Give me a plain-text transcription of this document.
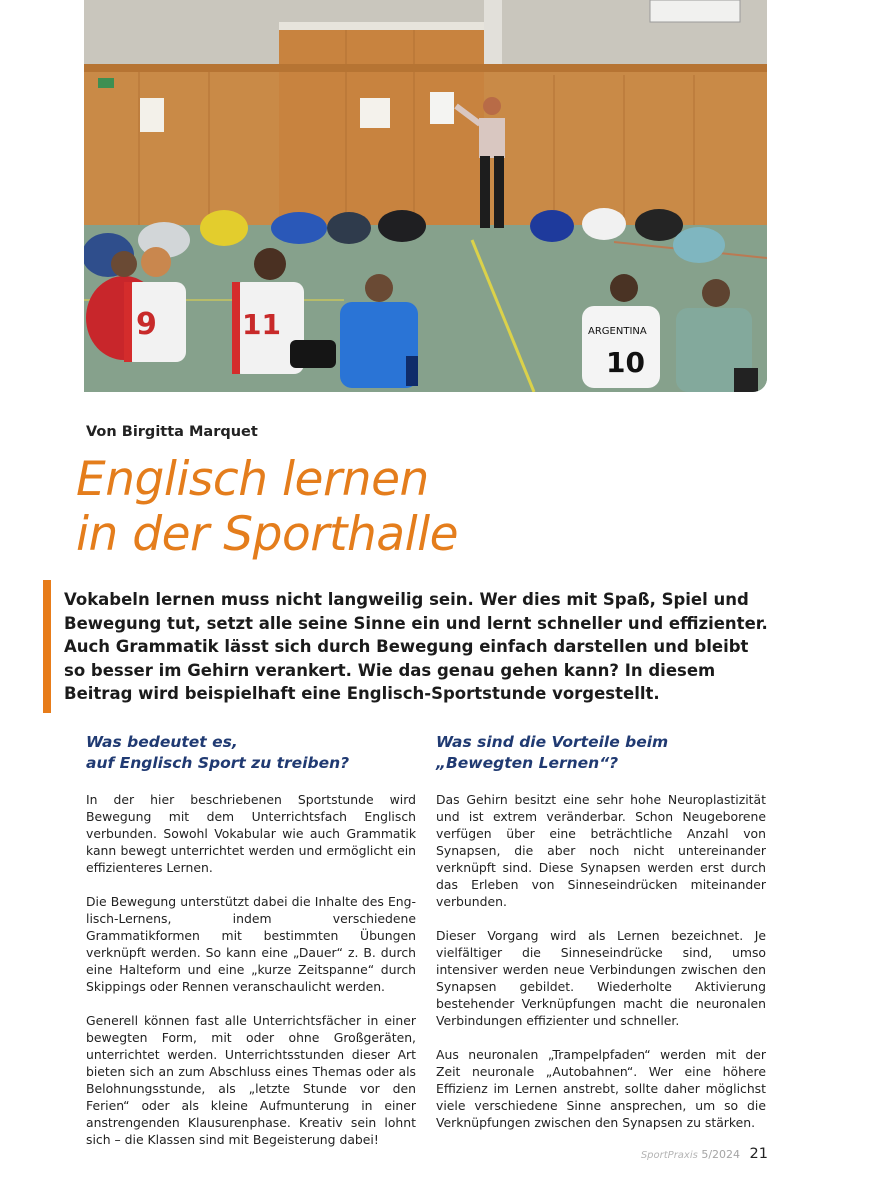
9	11	ARGENTINA
10
Von Birgitta Marquet
Englisch lernen
in der Sporthalle

Vokabeln lernen muss nicht langweilig sein. Wer dies mit Spaß, Spiel und Bewegung tut, setzt alle seine Sinne ein und lernt schneller und effizienter. Auch Grammatik lässt sich durch Bewegung einfach darstellen und bleibt so besser im Gehirn verankert. Wie das genau gehen kann? In diesem Beitrag wird beispielhaft eine Englisch-Sportstunde vorgestellt.

Was bedeutet es,
auf Englisch Sport zu treiben?

In der hier beschriebenen Sportstunde wird Bewegung mit dem Unterrichtsfach Englisch verbunden. Sowohl Vokabular wie auch Grammatik kann bewegt unterrichtet werden und ermöglicht ein effizienteres Lernen.

Die Bewegung unterstützt dabei die Inhalte des Englisch-Lernens, indem verschiedene Grammatikformen mit bestimmten Übungen verknüpft werden. So kann eine „Dauer“ z. B. durch eine Halteform und eine „kurze Zeitspanne“ durch Skippings oder Rennen veranschaulicht werden.

Generell können fast alle Unterrichtsfächer in einer bewegten Form, mit oder ohne Großgeräten, unterrichtet werden. Unterrichtsstunden dieser Art bieten sich an zum Abschluss eines Themas oder als Belohnungsstunde, als „letzte Stunde vor den Ferien“ oder als kleine Aufmunterung in einer anstrengenden Klausurenphase. Kreativ sein lohnt sich – die Klassen sind mit Begeisterung dabei!

Was sind die Vorteile beim
„Bewegten Lernen“?

Das Gehirn besitzt eine sehr hohe Neuroplastizität und ist extrem veränderbar. Schon Neugeborene verfügen über eine beträchtliche Anzahl von Synapsen, die aber noch nicht untereinander verknüpft sind. Diese Synapsen werden erst durch das Erleben von Sinneseindrücken miteinander verbunden.

Dieser Vorgang wird als Lernen bezeichnet. Je vielfältiger die Sinneseindrücke sind, umso intensiver werden neue Verbindungen zwischen den Synapsen gebildet. Wiederholte Aktivierung bestehender Verknüpfungen macht die neuronalen Verbindungen effizienter und schneller.

Aus neuronalen „Trampelpfaden“ werden mit der Zeit neuronale „Autobahnen“. Wer eine höhere Effizienz im Lernen anstrebt, sollte daher möglichst viele verschiedene Sinne ansprechen, um so die Verknüpfungen zwischen den Synapsen zu stärken.

SportPraxis 5/2024 21
